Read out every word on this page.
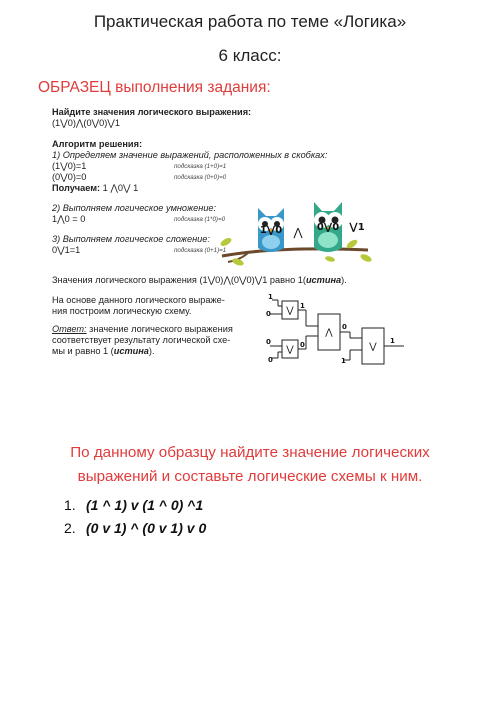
Практическая работа по теме «Логика»
6 класс:
ОБРАЗЕЦ выполнения задания:
Найдите значения логического выражения:
(1⋁0)⋀(0⋁0)⋁1
Алгоритм решения:
1) Определяем значение выражений, расположенных в скобках:
(1⋁0)=1	подсказка (1+0)=1
(0⋁0)=0	подсказка (0+0)=0
Получаем: 1 ⋀0⋁ 1
2) Выполняем логическое умножение:
1⋀0 = 0	подсказка (1*0)=0
3) Выполняем логическое сложение:
0⋁1=1	подсказка (0+1)=1
Значения логического выражения (1⋁0)⋀(0⋁0)⋁1 равно 1(истина).
На основе данного логического выраже-
ния построим логическую схему.
Ответ: значение логического выражения
соответствует результату логической схе-
мы и равно 1 (истина).
1⋁0 ⋀ 0⋁0 ⋁1
1
0
0
0
1
0
0
1
1
⋁
⋁
⋀
⋁
По данному образцу найдите значение логических
выражений и составьте логические схемы к ним.
1. (1 ^ 1) v (1 ^ 0) ^1
2. (0 v 1) ^ (0 v 1) v 0
